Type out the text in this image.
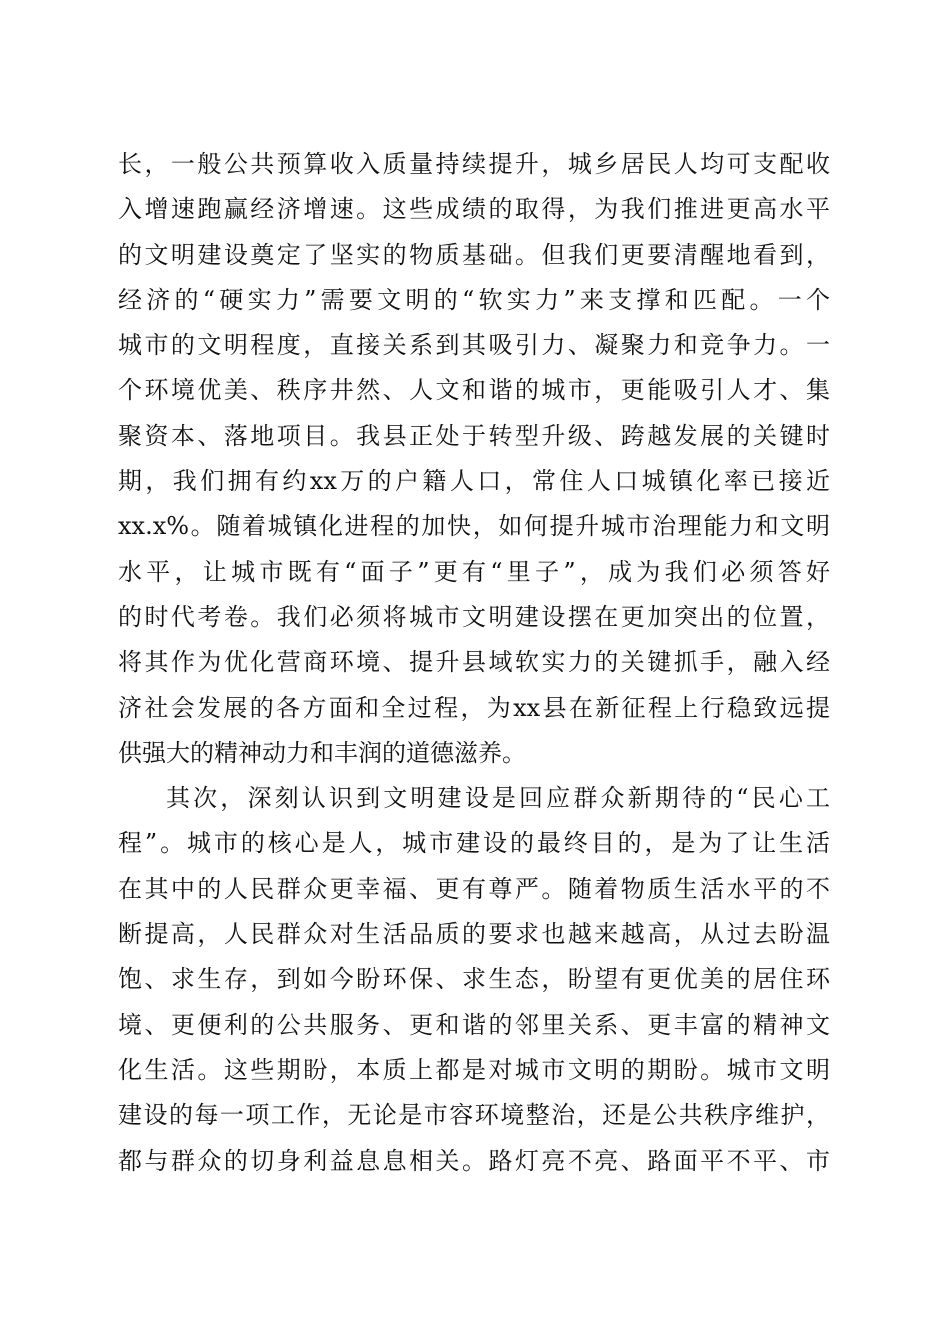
长，一般公共预算收入质量持续提升，城乡居民人均可支配收
入增速跑赢经济增速。这些成绩的取得，为我们推进更高水平
的文明建设奠定了坚实的物质基础。但我们更要清醒地看到，
经济的“硬实力”需要文明的“软实力”来支撑和匹配。一个
城市的文明程度，直接关系到其吸引力、凝聚力和竞争力。一
个环境优美、秩序井然、人文和谐的城市，更能吸引人才、集
聚资本、落地项目。我县正处于转型升级、跨越发展的关键时
期，我们拥有约xx万的户籍人口，常住人口城镇化率已接近
xx.x%。随着城镇化进程的加快，如何提升城市治理能力和文明
水平，让城市既有“面子”更有“里子”，成为我们必须答好
的时代考卷。我们必须将城市文明建设摆在更加突出的位置，
将其作为优化营商环境、提升县域软实力的关键抓手，融入经
济社会发展的各方面和全过程，为xx县在新征程上行稳致远提
供强大的精神动力和丰润的道德滋养。
其次，深刻认识到文明建设是回应群众新期待的“民心工
程”。城市的核心是人，城市建设的最终目的，是为了让生活
在其中的人民群众更幸福、更有尊严。随着物质生活水平的不
断提高，人民群众对生活品质的要求也越来越高，从过去盼温
饱、求生存，到如今盼环保、求生态，盼望有更优美的居住环
境、更便利的公共服务、更和谐的邻里关系、更丰富的精神文
化生活。这些期盼，本质上都是对城市文明的期盼。城市文明
建设的每一项工作，无论是市容环境整治，还是公共秩序维护，
都与群众的切身利益息息相关。路灯亮不亮、路面平不平、市
